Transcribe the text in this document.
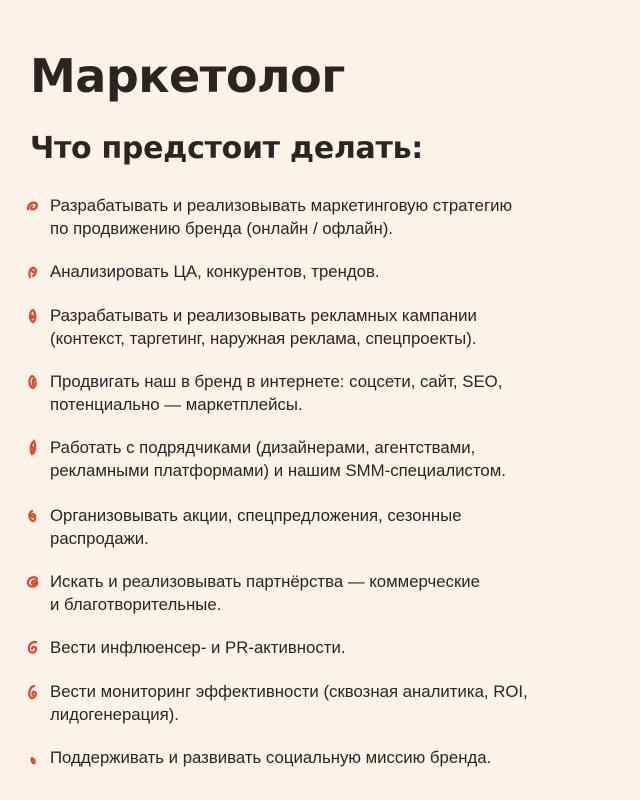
Маркетолог
Что предстоит делать:
Разрабатывать и реализовывать маркетинговую стратегию
по продвижению бренда (онлайн / офлайн).
Анализировать ЦА, конкурентов, трендов.
Разрабатывать и реализовывать рекламных кампании
(контекст, таргетинг, наружная реклама, спецпроекты).
Продвигать наш в бренд в интернете: соцсети, сайт, SEO,
потенциально — маркетплейсы.
Работать с подрядчиками (дизайнерами, агентствами,
рекламными платформами) и нашим SMM-специалистом.
Организовывать акции, спецпредложения, сезонные
распродажи.
Искать и реализовывать партнёрства — коммерческие
и благотворительные.
Вести инфлюенсер- и PR-активности.
Вести мониторинг эффективности (сквозная аналитика, ROI,
лидогенерация).
Поддерживать и развивать социальную миссию бренда.
